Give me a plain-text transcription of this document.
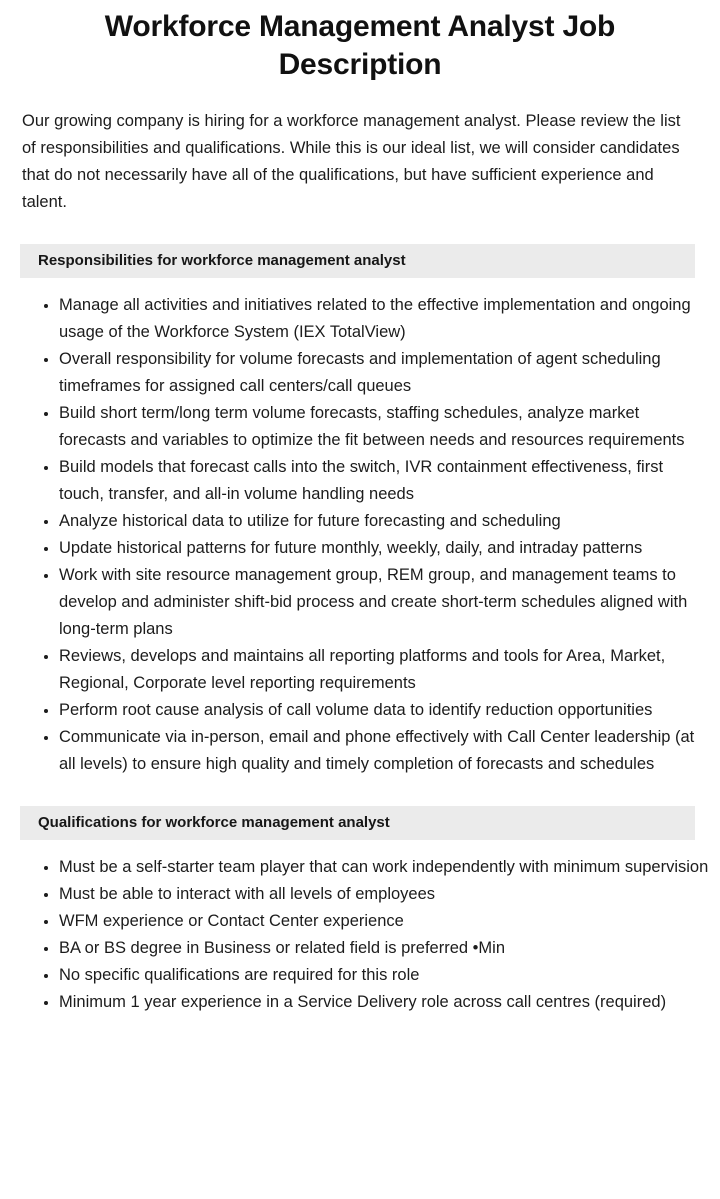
Workforce Management Analyst Job Description

Our growing company is hiring for a workforce management analyst. Please review the list of responsibilities and qualifications. While this is our ideal list, we will consider candidates that do not necessarily have all of the qualifications, but have sufficient experience and talent.

Responsibilities for workforce management analyst
Manage all activities and initiatives related to the effective implementation and ongoing usage of the Workforce System (IEX TotalView)
Overall responsibility for volume forecasts and implementation of agent scheduling timeframes for assigned call centers/call queues
Build short term/long term volume forecasts, staffing schedules, analyze market forecasts and variables to optimize the fit between needs and resources requirements
Build models that forecast calls into the switch, IVR containment effectiveness, first touch, transfer, and all-in volume handling needs
Analyze historical data to utilize for future forecasting and scheduling
Update historical patterns for future monthly, weekly, daily, and intraday patterns
Work with site resource management group, REM group, and management teams to develop and administer shift-bid process and create short-term schedules aligned with long-term plans
Reviews, develops and maintains all reporting platforms and tools for Area, Market, Regional, Corporate level reporting requirements
Perform root cause analysis of call volume data to identify reduction opportunities
Communicate via in-person, email and phone effectively with Call Center leadership (at all levels) to ensure high quality and timely completion of forecasts and schedules
Qualifications for workforce management analyst
Must be a self-starter team player that can work independently with minimum supervision
Must be able to interact with all levels of employees
WFM experience or Contact Center experience
BA or BS degree in Business or related field is preferred •Min
No specific qualifications are required for this role
Minimum 1 year experience in a Service Delivery role across call centres (required)
